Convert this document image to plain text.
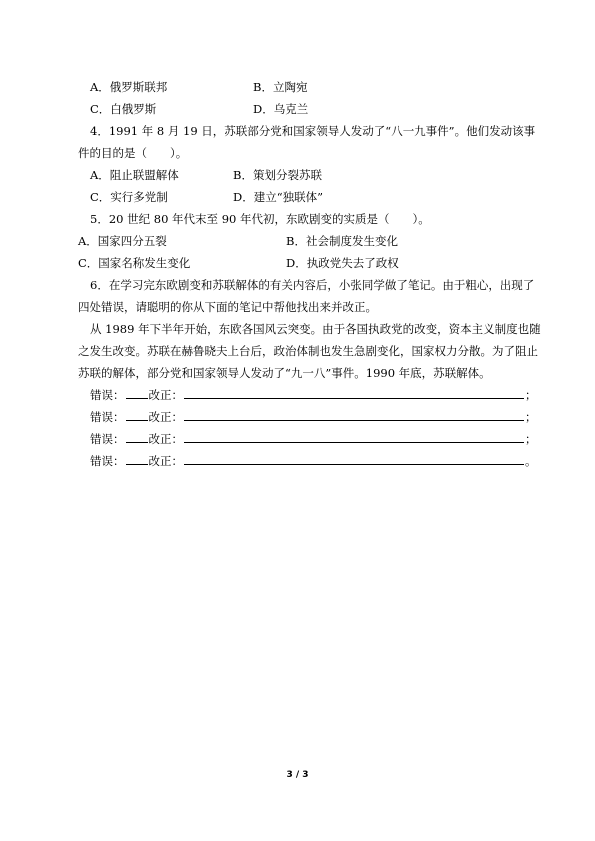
A．俄罗斯联邦	B．立陶宛
C．白俄罗斯	D．乌克兰
4．1991 年 8 月 19 日，苏联部分党和国家领导人发动了“八一九事件”。他们发动该事
件的目的是（　　）。
A．阻止联盟解体	B．策划分裂苏联
C．实行多党制	D．建立“独联体”
5．20 世纪 80 年代末至 90 年代初，东欧剧变的实质是（　　）。
A．国家四分五裂	B．社会制度发生变化
C．国家名称发生变化	D．执政党失去了政权
6．在学习完东欧剧变和苏联解体的有关内容后，小张同学做了笔记。由于粗心，出现了
四处错误，请聪明的你从下面的笔记中帮他找出来并改正。
从 1989 年下半年开始，东欧各国风云突变。由于各国执政党的改变，资本主义制度也随
之发生改变。苏联在赫鲁晓夫上台后，政治体制也发生急剧变化，国家权力分散。为了阻止
苏联的解体，部分党和国家领导人发动了“九一八”事件。1990 年底，苏联解体。
错误： 改正：	；
错误： 改正：	；
错误： 改正：	；
错误： 改正：	。
3 / 3
